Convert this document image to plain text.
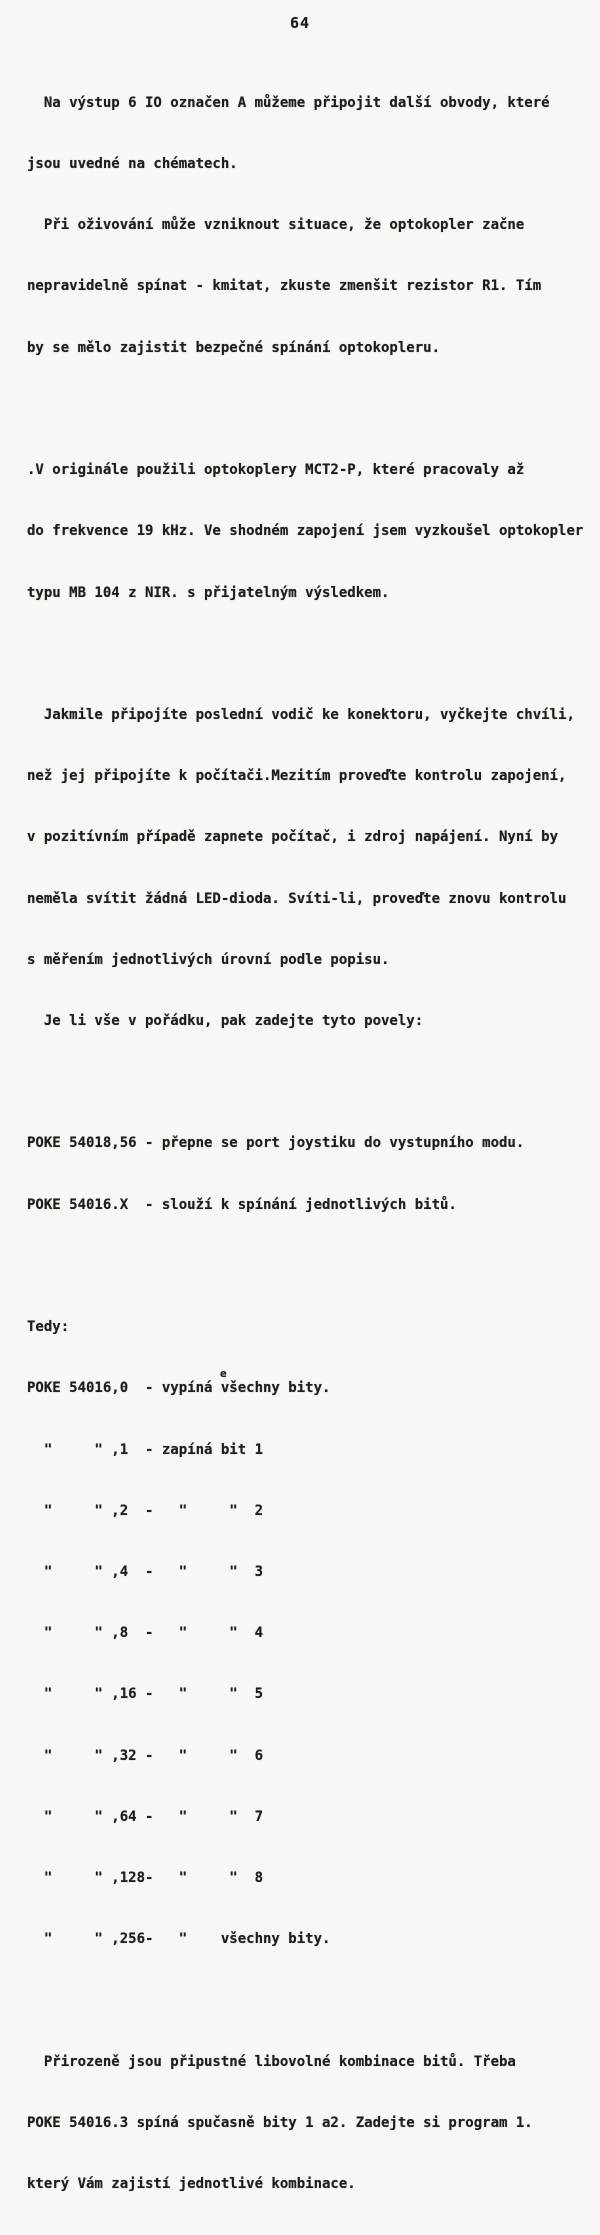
64

Na výstup 6 IO označen A můžeme připojit další obvody, které

jsou uvedné na chématech.

Při oživování může vzniknout situace, že optokopler začne

nepravidelně spínat - kmitat, zkuste zmenšit rezistor R1. Tím

by se mělo zajistit bezpečné spínání optokopleru.

.V originále použili optokoplery MCT2-P, které pracovaly až

do frekvence 19 kHz. Ve shodném zapojení jsem vyzkoušel optokopler

typu MB 104 z NIR. s přijatelným výsledkem.

Jakmile připojíte poslední vodič ke konektoru, vyčkejte chvíli,

než jej připojíte k počítači.Mezitím proveďte kontrolu zapojení,

v pozitívním případě zapnete počítač, i zdroj napájení. Nyní by

neměla svítit žádná LED-dioda. Svíti-li, proveďte znovu kontrolu

s měřením jednotlivých úrovní podle popisu.

Je li vše v pořádku, pak zadejte tyto povely:

POKE 54018,56 - přepne se port joystiku do vystupního modu.

POKE 54016.X  - slouží k spínání jednotlivých bitů.

Tedy:

POKE 54016,0  - vypíná všechny bity.
e

"     " ,1  - zapíná bit 1

"     " ,2  -   "     "  2

"     " ,4  -   "     "  3

"     " ,8  -   "     "  4

"     " ,16 -   "     "  5

"     " ,32 -   "     "  6

"     " ,64 -   "     "  7

"     " ,128-   "     "  8

"     " ,256-   "    všechny bity.

Přirozeně jsou připustné libovolné kombinace bitů. Třeba

POKE 54016.3 spíná spučasně bity 1 a2. Zadejte si program 1.

který Vám zajistí jednotlivé kombinace.
